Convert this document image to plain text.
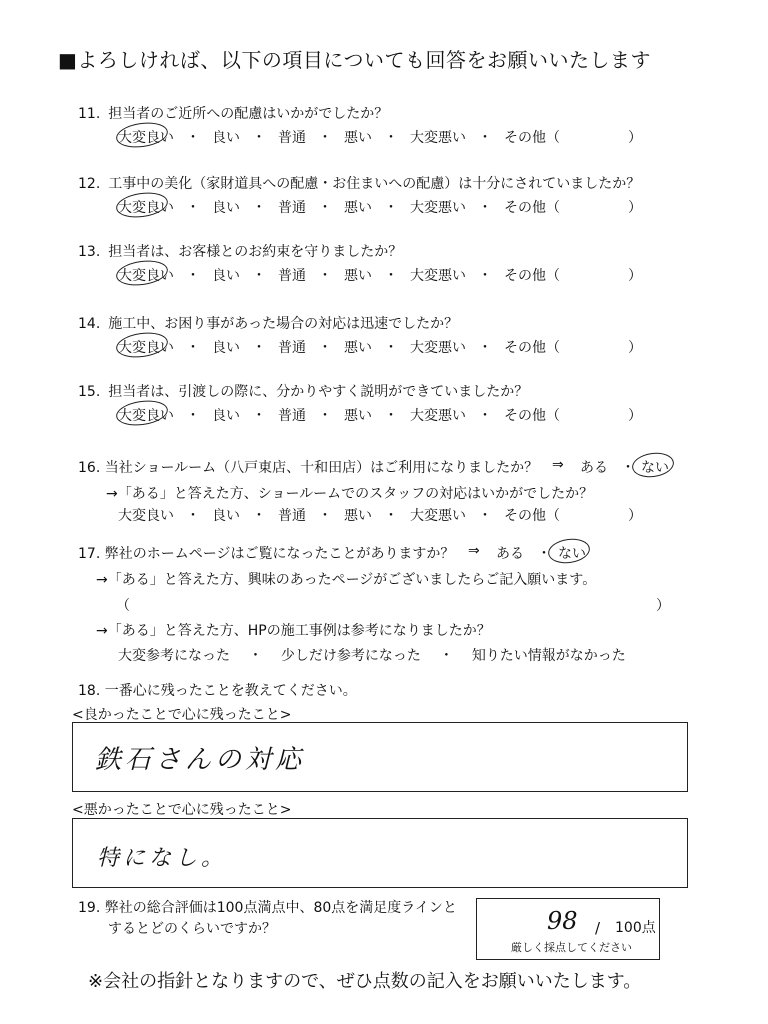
■よろしければ、以下の項目についても回答をお願いいたします
11. 担当者のご近所への配慮はいかがでしたか？
大変良い ・ 良い ・ 普通 ・ 悪い ・ 大変悪い ・ その他（	）
12. 工事中の美化（家財道具への配慮・お住まいへの配慮）は十分にされていましたか？
大変良い ・ 良い ・ 普通 ・ 悪い ・ 大変悪い ・ その他（	）
13. 担当者は、お客様とのお約束を守りましたか？
大変良い ・ 良い ・ 普通 ・ 悪い ・ 大変悪い ・ その他（	）
14. 施工中、お困り事があった場合の対応は迅速でしたか？
大変良い ・ 良い ・ 普通 ・ 悪い ・ 大変悪い ・ その他（	）
15. 担当者は、引渡しの際に、分かりやすく説明ができていましたか？
大変良い ・ 良い ・ 普通 ・ 悪い ・ 大変悪い ・ その他（	）
16. 当社ショールーム（八戸東店、十和田店）はご利用になりましたか？ ⇒ ある ・ ない
→「ある」と答えた方、ショールームでのスタッフの対応はいかがでしたか？
大変良い ・ 良い ・ 普通 ・ 悪い ・ 大変悪い ・ その他（	）
17. 弊社のホームページはご覧になったことがありますか？ ⇒ ある ・ ない
→「ある」と答えた方、興味のあったページがございましたらご記入願います。
（	）
→「ある」と答えた方、HPの施工事例は参考になりましたか？
大変参考になった ・ 少しだけ参考になった ・ 知りたい情報がなかった
18. 一番心に残ったことを教えてください。
<良かったことで心に残ったこと>
鉄石さんの対応
<悪かったことで心に残ったこと>
特になし。
19. 弊社の総合評価は100点満点中、80点を満足度ラインと
するとどのくらいですか？	98 / 100点
厳しく採点してください
※会社の指針となりますので、ぜひ点数の記入をお願いいたします。
